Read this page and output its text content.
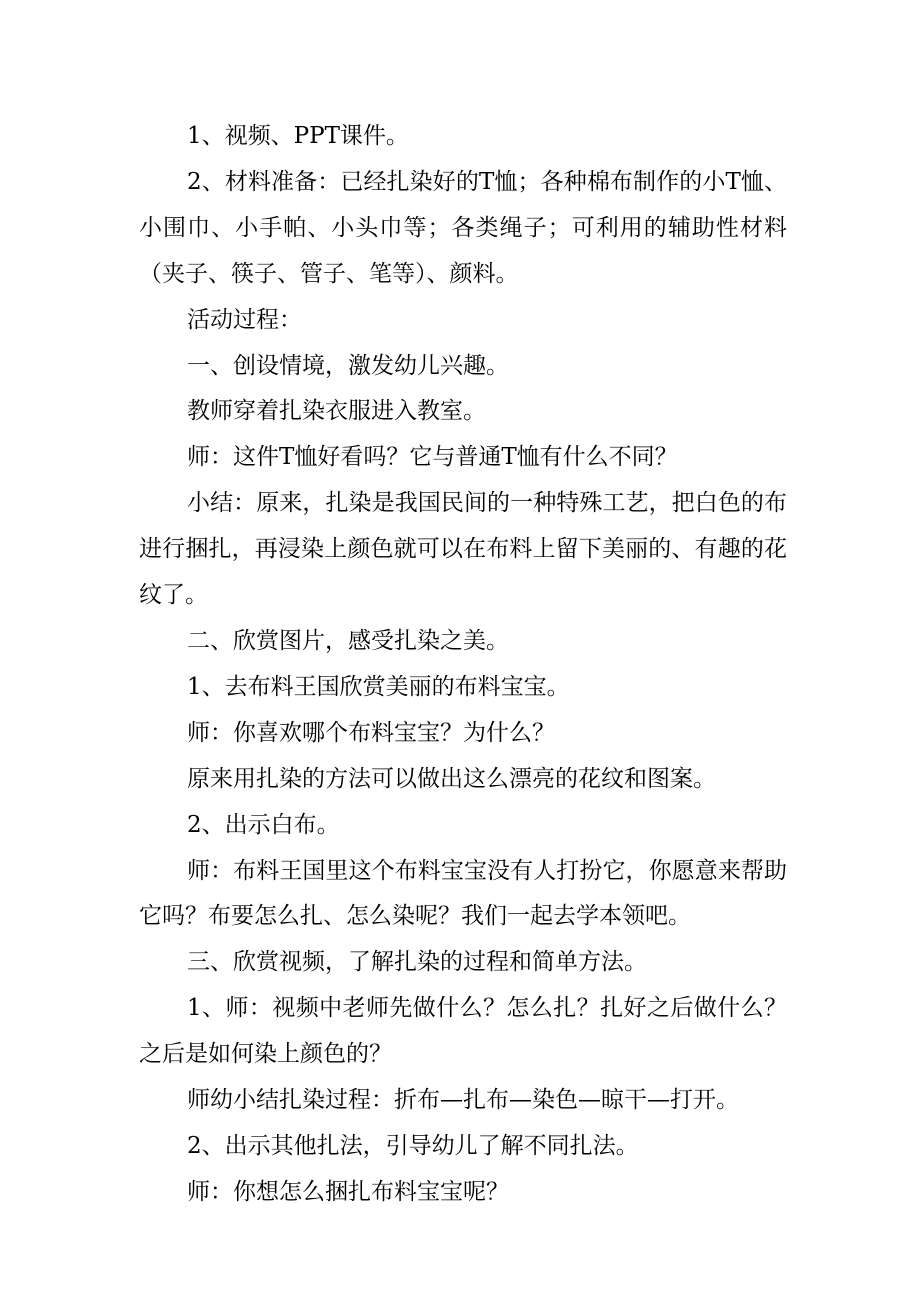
1、视频、PPT课件。

2、材料准备：已经扎染好的T恤；各种棉布制作的小T恤、小围巾、小手帕、小头巾等；各类绳子；可利用的辅助性材料（夹子、筷子、管子、笔等）、颜料。

活动过程：

一、创设情境，激发幼儿兴趣。

教师穿着扎染衣服进入教室。

师：这件T恤好看吗？它与普通T恤有什么不同？

小结：原来，扎染是我国民间的一种特殊工艺，把白色的布进行捆扎，再浸染上颜色就可以在布料上留下美丽的、有趣的花纹了。

二、欣赏图片，感受扎染之美。

1、去布料王国欣赏美丽的布料宝宝。

师：你喜欢哪个布料宝宝？为什么？

原来用扎染的方法可以做出这么漂亮的花纹和图案。

2、出示白布。

师：布料王国里这个布料宝宝没有人打扮它，你愿意来帮助它吗？布要怎么扎、怎么染呢？我们一起去学本领吧。

三、欣赏视频，了解扎染的过程和简单方法。

1、师：视频中老师先做什么？怎么扎？扎好之后做什么？之后是如何染上颜色的？

师幼小结扎染过程：折布—扎布—染色—晾干—打开。

2、出示其他扎法，引导幼儿了解不同扎法。

师：你想怎么捆扎布料宝宝呢？
